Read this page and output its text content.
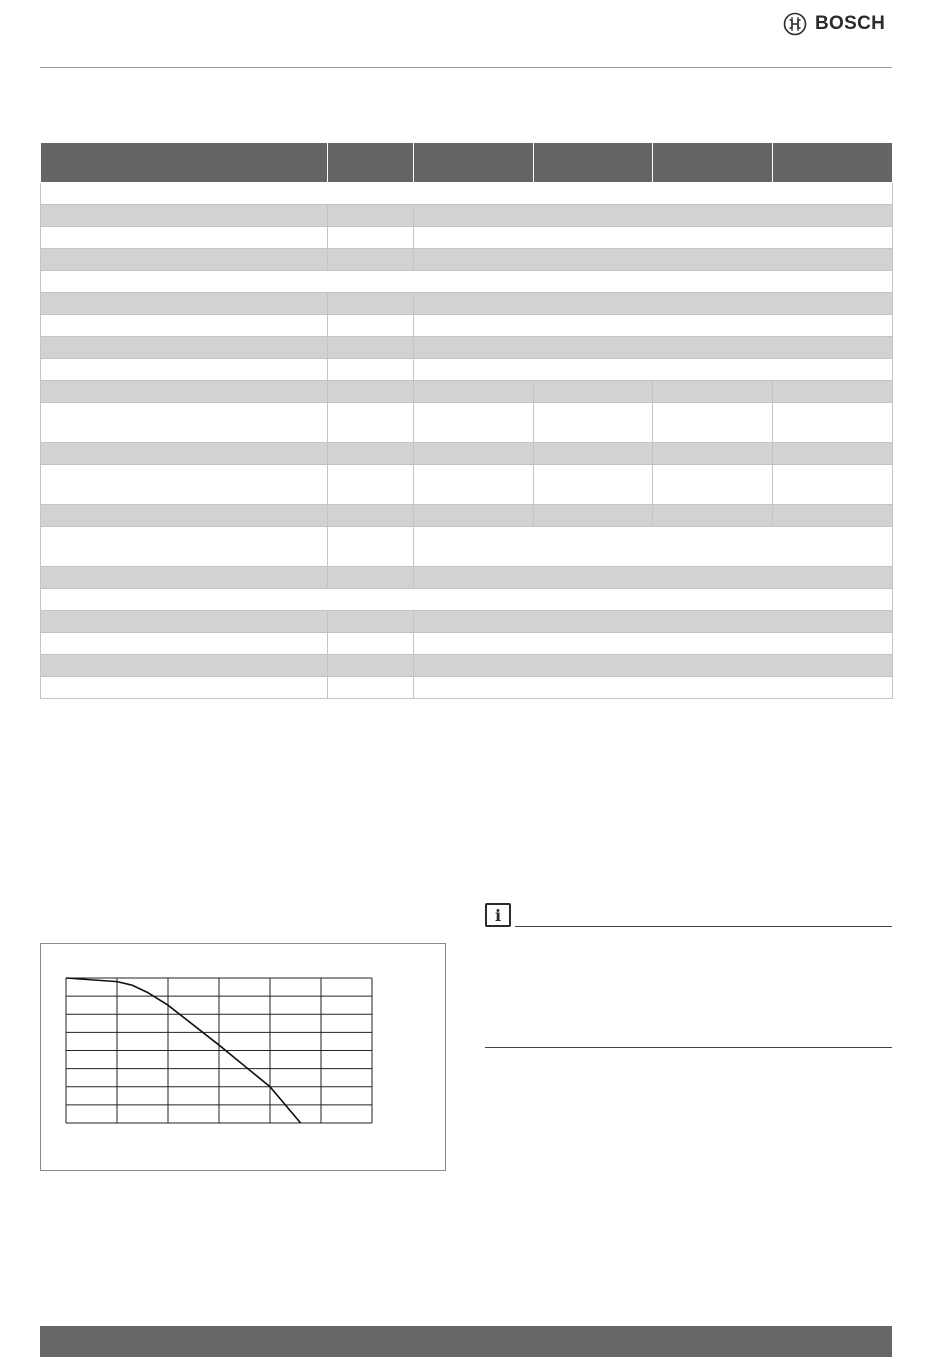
BOSCH

i
